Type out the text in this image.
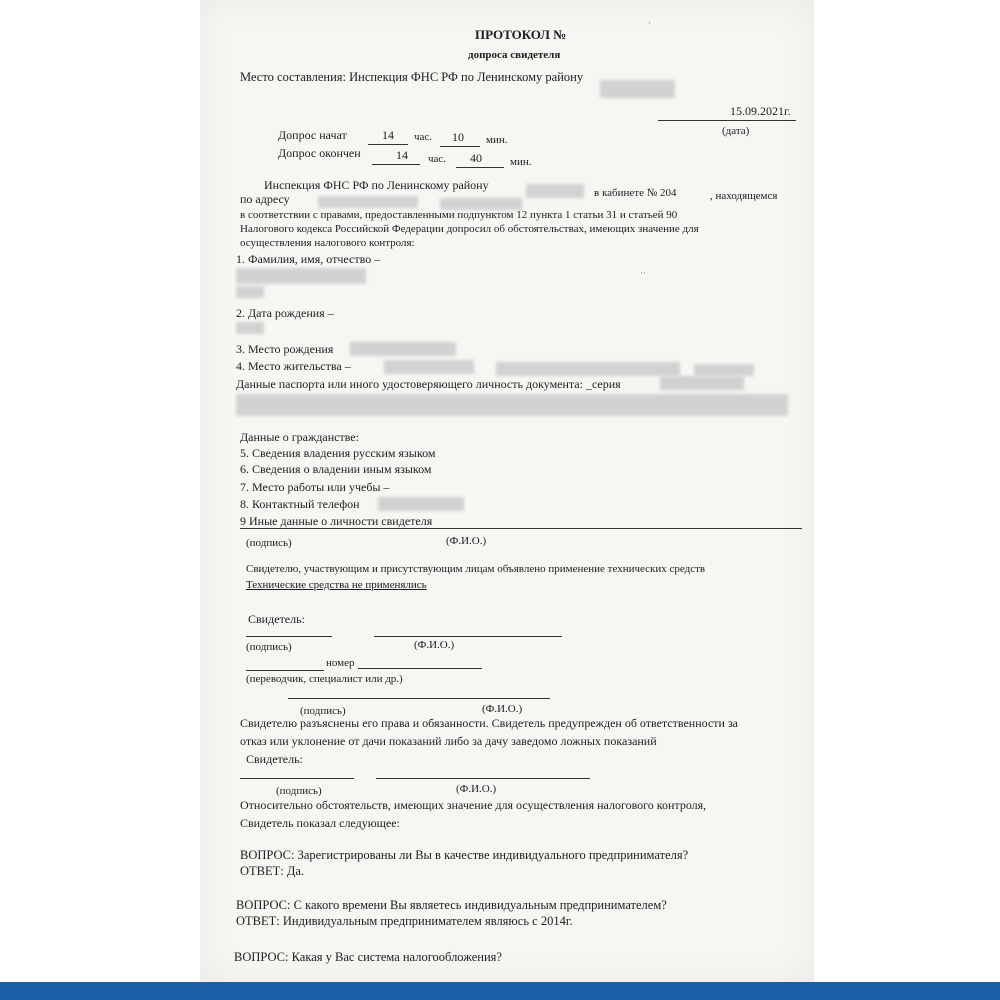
ПРОТОКОЛ №
допроса свидетеля
Место составления: Инспекция ФНС РФ по Ленинскому району
15.09.2021г.
(дата)
Допрос начат	14 час. 10 мин.
Допрос окончен	14 час. 40	мин.
Инспекция ФНС РФ по Ленинскому району
в кабинете № 204	, находящемся
по адресу
в соответствии с правами, предоставленными подпунктом 12 пункта 1 статьи 31 и статьей 90
Налогового кодекса Российской Федерации допросил об обстоятельствах, имеющих значение для
осуществления налогового контроля:
1. Фамилия, имя, отчество –
2. Дата рождения –
3. Место рождения
4. Место жительства –
Данные паспорта или иного удостоверяющего личность документа: _серия
Данные о гражданстве:
5. Сведения владения русским языком
6. Сведения о владении иным языком
7. Место работы или учебы –
8. Контактный телефон
9 Иные данные о личности свидетеля
(подпись)	(Ф.И.О.)
Свидетелю, участвующим и присутствующим лицам объявлено применение технических средств
Технические средства не применялись
Свидетель:
(подпись)	(Ф.И.О.)
номер
(переводчик, специалист или др.)
(подпись)	(Ф.И.О.)
Свидетелю разъяснены его права и обязанности. Свидетель предупрежден об ответственности за
отказ или уклонение от дачи показаний либо за дачу заведомо ложных показаний
Свидетель:
(подпись)	(Ф.И.О.)
Относительно обстоятельств, имеющих значение для осуществления налогового контроля,
Свидетель показал следующее:
ВОПРОС: Зарегистрированы ли Вы в качестве индивидуального предпринимателя?
ОТВЕТ: Да.
ВОПРОС: С какого времени Вы являетесь индивидуальным предпринимателем?
ОТВЕТ: Индивидуальным предпринимателем являюсь с 2014г.
ВОПРОС: Какая у Вас система налогообложения?
·
··
